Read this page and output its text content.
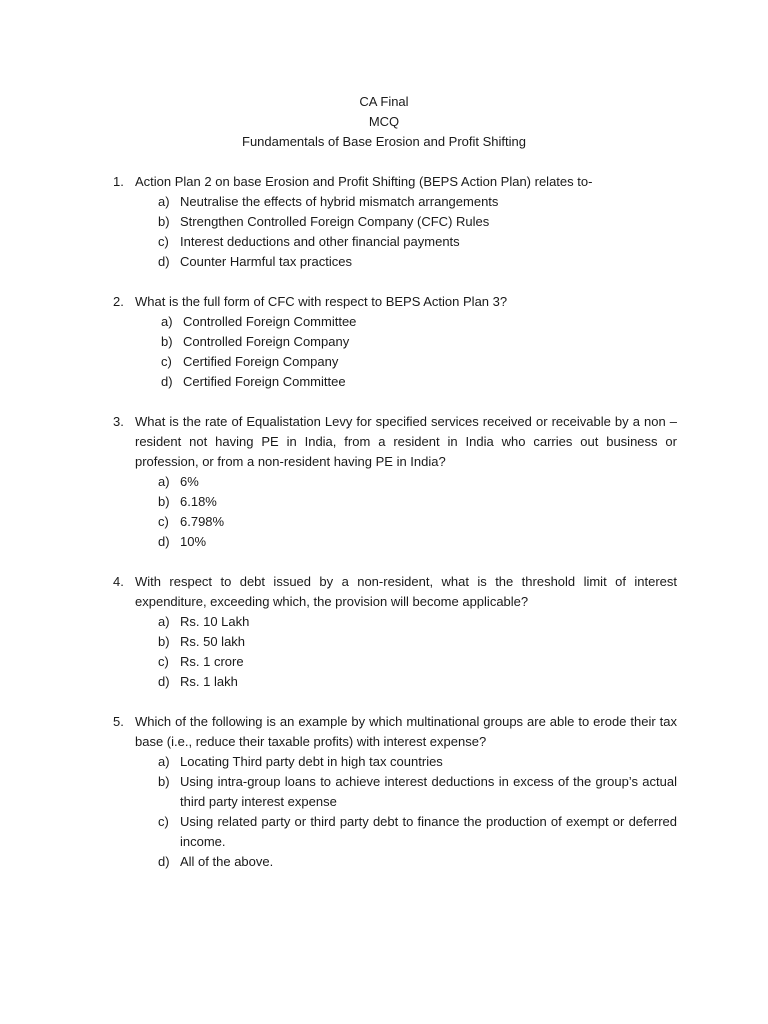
CA Final
MCQ
Fundamentals of Base Erosion and Profit Shifting
1. Action Plan 2 on base Erosion and Profit Shifting (BEPS Action Plan) relates to-
a) Neutralise the effects of hybrid mismatch arrangements
b) Strengthen Controlled Foreign Company (CFC) Rules
c) Interest deductions and other financial payments
d) Counter Harmful tax practices
2. What is the full form of CFC with respect to BEPS Action Plan 3?
a) Controlled Foreign Committee
b) Controlled Foreign Company
c) Certified Foreign Company
d) Certified Foreign Committee
3. What is the rate of Equalistation Levy for specified services received or receivable by a non – resident not having PE in India, from a resident in India who carries out business or profession, or from a non-resident having PE in India?
a) 6%
b) 6.18%
c) 6.798%
d) 10%
4. With respect to debt issued by a non-resident, what is the threshold limit of interest expenditure, exceeding which, the provision will become applicable?
a) Rs. 10 Lakh
b) Rs. 50 lakh
c) Rs. 1 crore
d) Rs. 1 lakh
5. Which of the following is an example by which multinational groups are able to erode their tax base (i.e., reduce their taxable profits) with interest expense?
a) Locating Third party debt in high tax countries
b) Using intra-group loans to achieve interest deductions in excess of the group’s actual third party interest expense
c) Using related party or third party debt to finance the production of exempt or deferred income.
d) All of the above.
